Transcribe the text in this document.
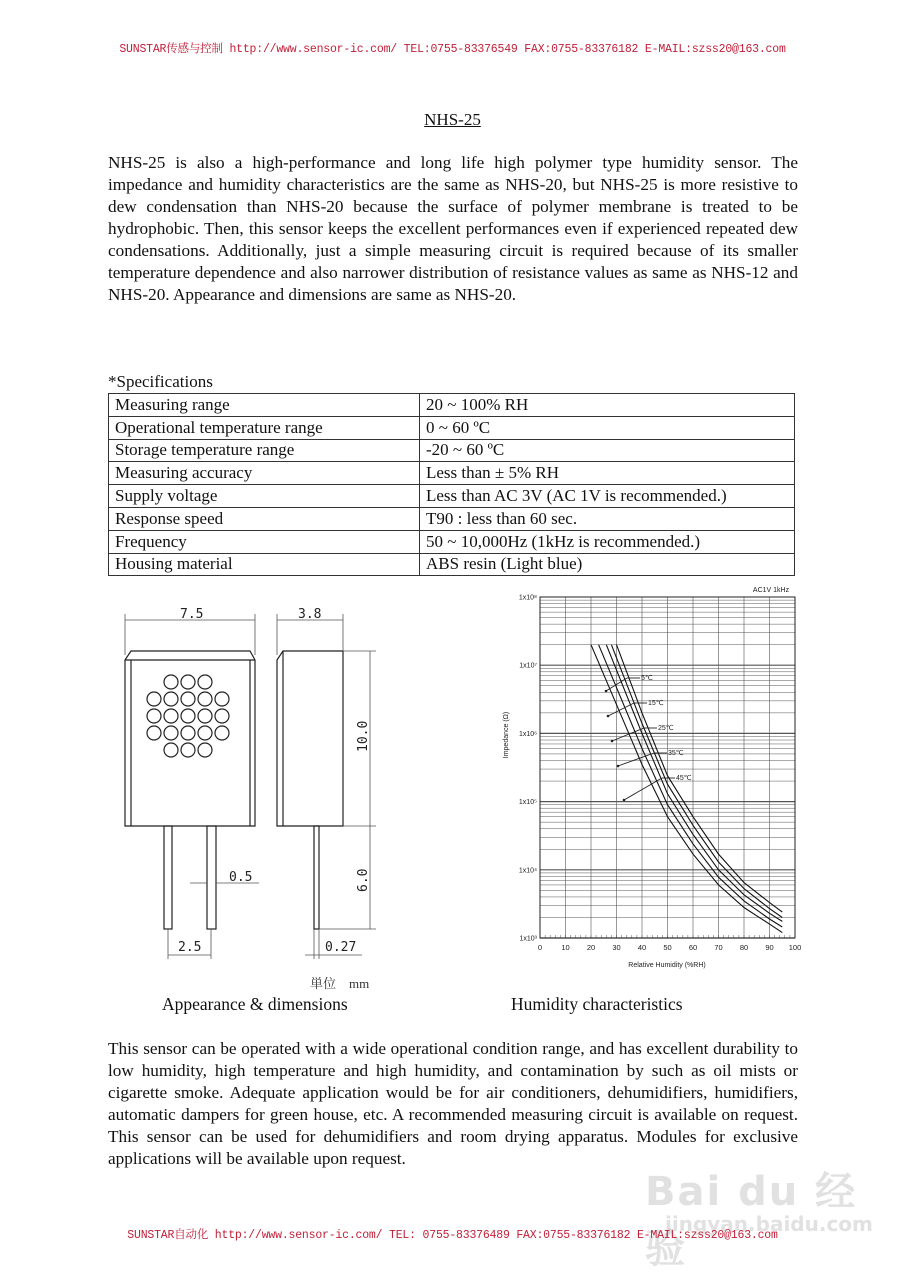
SUNSTAR传感与控制 http://www.sensor-ic.com/ TEL:0755-83376549 FAX:0755-83376182 E-MAIL:szss20@163.com
NHS-25
NHS-25 is also a high-performance and long life high polymer type humidity sensor. The impedance and humidity characteristics are the same as NHS-20, but NHS-25 is more resistive to dew condensation than NHS-20 because the surface of polymer membrane is treated to be hydrophobic. Then, this sensor keeps the excellent performances even if experienced repeated dew condensations. Additionally, just a simple measuring circuit is required because of its smaller temperature dependence and also narrower distribution of resistance values as same as NHS-12 and NHS-20. Appearance and dimensions are same as NHS-20.
*Specifications
Measuring range	20 ~ 100% RH
Operational temperature range	0 ~ 60 ºC
Storage temperature range	-20 ~ 60 ºC
Measuring accuracy	Less than ± 5% RH
Supply voltage	Less than AC 3V (AC 1V is recommended.)
Response speed	T90 : less than 60 sec.
Frequency	50 ~ 10,000Hz (1kHz is recommended.)
Housing material	ABS resin (Light blue)
7.5	3.8
10.0
6.0
0.5
2.5	0.27
単位　mm
1x10³
1x10⁴
1x10⁵
1x10⁶
1x10⁷
1x10⁸
0	10 20 30 40 50 60 70 80 90 100
AC1V 1kHz
Impedance (Ω)
Relative Humidity (%RH)
5℃
15℃
25℃
35℃
45℃
Appearance & dimensions	Humidity characteristics
This sensor can be operated with a wide operational condition range, and has excellent durability to low humidity, high temperature and high humidity, and contamination by such as oil mists or cigarette smoke. Adequate application would be for air conditioners, dehumidifiers, humidifiers, automatic dampers for green house, etc. A recommended measuring circuit is available on request. This sensor can be used for dehumidifiers and room drying apparatus. Modules for exclusive applications will be available upon request.
Bai du 经验
jingyan.baidu.com
SUNSTAR自动化 http://www.sensor-ic.com/ TEL: 0755-83376489 FAX:0755-83376182 E-MAIL:szss20@163.com
